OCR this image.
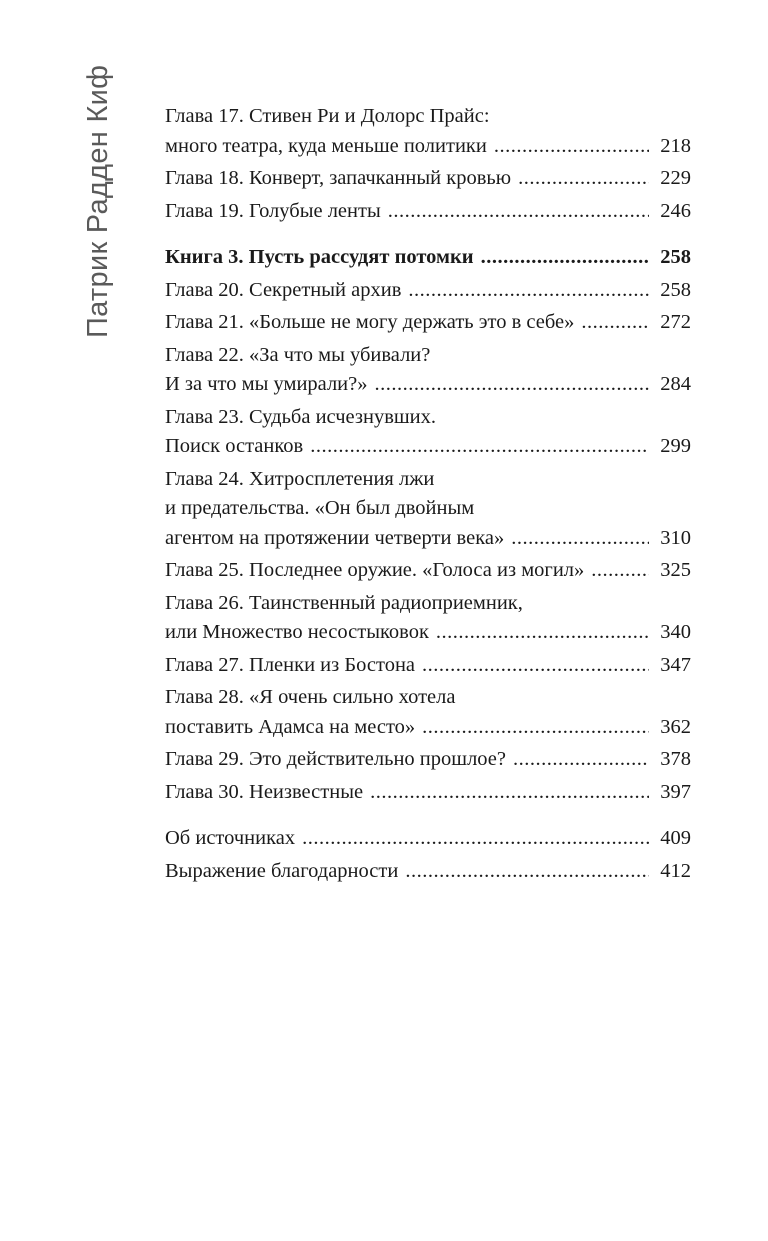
Патрик Радден Киф Глава 17. Стивен Ри и Долорс Прайс:
много театра, куда меньше политики .....	218
Глава 18. Конверт, запачканный кровью .....	229
Глава 19. Голубые ленты .....	246
Книга 3. Пусть рассудят потомки .....	258
Глава 20. Секретный архив .....	258
Глава 21. «Больше не могу держать это в себе» .....	272
Глава 22. «За что мы убивали?
И за что мы умирали?» .....	284
Глава 23. Судьба исчезнувших.
Поиск останков .....	299
Глава 24. Хитросплетения лжи
и предательства. «Он был двойным
агентом на протяжении четверти века» .....	310
Глава 25. Последнее оружие. «Голоса из могил» .....	325
Глава 26. Таинственный радиоприемник,
или Множество несостыковок .....	340
Глава 27. Пленки из Бостона .....	347
Глава 28. «Я очень сильно хотела
поставить Адамса на место» .....	362
Глава 29. Это действительно прошлое? .....	378
Глава 30. Неизвестные .....	397
Об источниках .....	409
Выражение благодарности .....	412
